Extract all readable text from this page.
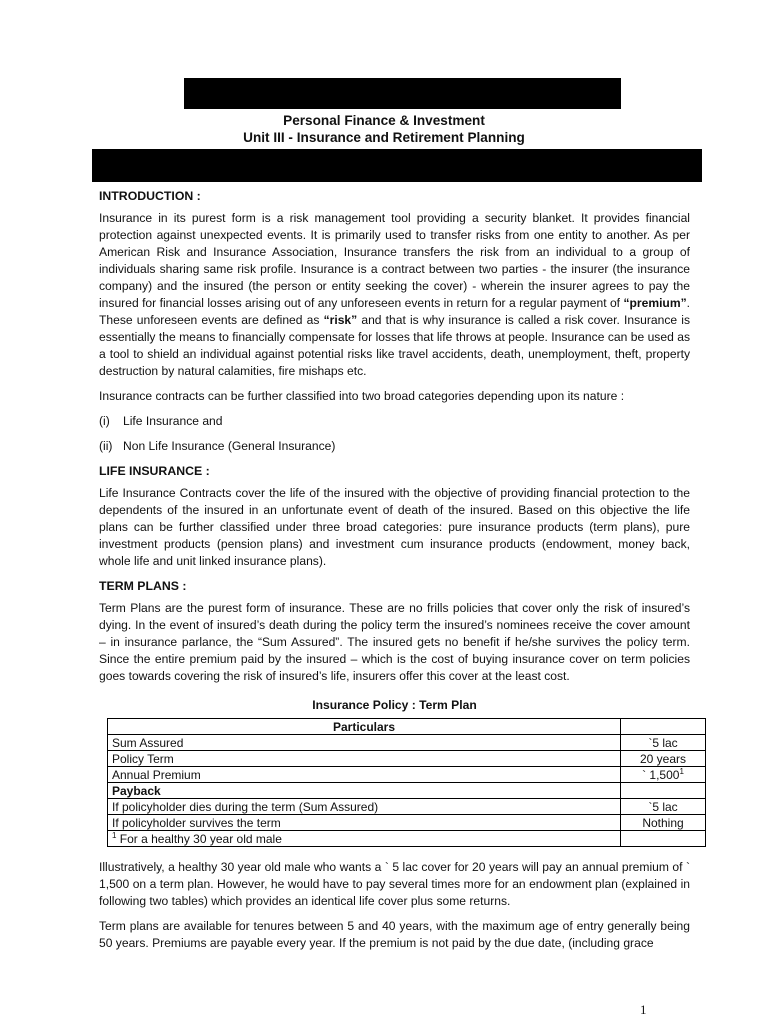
Personal Finance & Investment
Unit III - Insurance and Retirement Planning
INTRODUCTION :

Insurance in its purest form is a risk management tool providing a security blanket. It provides financial protection against unexpected events. It is primarily used to transfer risks from one entity to another. As per American Risk and Insurance Association, Insurance transfers the risk from an individual to a group of individuals sharing same risk profile. Insurance is a contract between two parties - the insurer (the insurance company) and the insured (the person or entity seeking the cover) - wherein the insurer agrees to pay the insured for financial losses arising out of any unforeseen events in return for a regular payment of “premium”. These unforeseen events are defined as “risk” and that is why insurance is called a risk cover. Insurance is essentially the means to financially compensate for losses that life throws at people. Insurance can be used as a tool to shield an individual against potential risks like travel accidents, death, unemployment, theft, property destruction by natural calamities, fire mishaps etc.

Insurance contracts can be further classified into two broad categories depending upon its nature :

(i)	Life Insurance and
(ii) Non Life Insurance (General Insurance)
LIFE INSURANCE :

Life Insurance Contracts cover the life of the insured with the objective of providing financial protection to the dependents of the insured in an unfortunate event of death of the insured. Based on this objective the life plans can be further classified under three broad categories: pure insurance products (term plans), pure investment products (pension plans) and investment cum insurance products (endowment, money back, whole life and unit linked insurance plans).

TERM PLANS :

Term Plans are the purest form of insurance. These are no frills policies that cover only the risk of insured’s dying. In the event of insured’s death during the policy term the insured’s nominees receive the cover amount – in insurance parlance, the “Sum Assured”. The insured gets no benefit if he/she survives the policy term. Since the entire premium paid by the insured – which is the cost of buying insurance cover on term policies goes towards covering the risk of insured’s life, insurers offer this cover at the least cost.

Insurance Policy : Term Plan
Particulars	
Sum Assured	`5 lac
Policy Term	20 years
Annual Premium	` 1,500$^1$
Payback	
If policyholder dies during the term (Sum Assured)	`5 lac
If policyholder survives the term	Nothing
$^1$ For a healthy 30 year old male	

Illustratively, a healthy 30 year old male who wants a ` 5 lac cover for 20 years will pay an annual premium of ` 1,500 on a term plan. However, he would have to pay several times more for an endowment plan (explained in following two tables) which provides an identical life cover plus some returns.

Term plans are available for tenures between 5 and 40 years, with the maximum age of entry generally being 50 years. Premiums are payable every year. If the premium is not paid by the due date, (including grace

1
